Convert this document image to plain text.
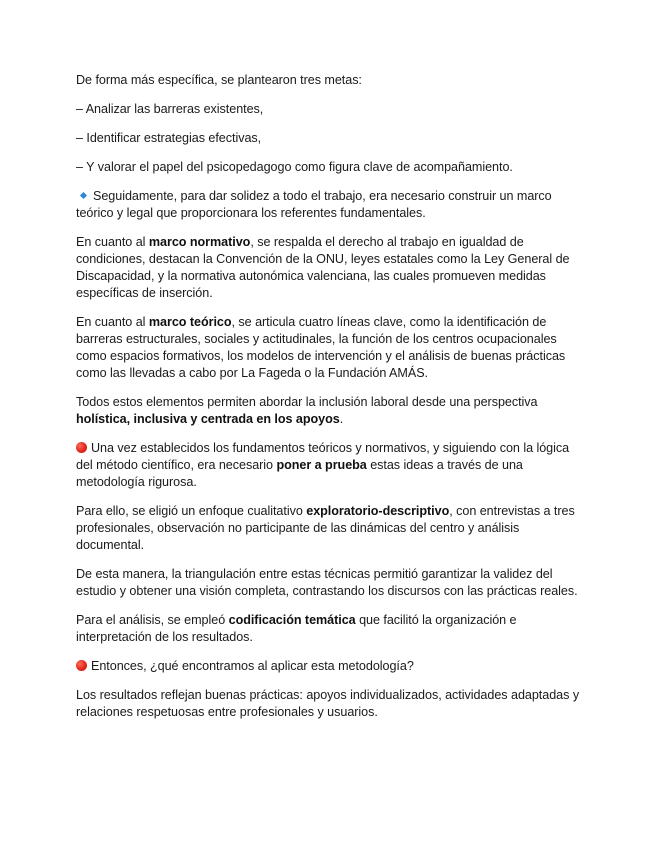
De forma más específica, se plantearon tres metas:

– Analizar las barreras existentes,

– Identificar estrategias efectivas,

– Y valorar el papel del psicopedagogo como figura clave de acompañamiento.

Seguidamente, para dar solidez a todo el trabajo, era necesario construir un marco teórico y legal que proporcionara los referentes fundamentales.

En cuanto al marco normativo, se respalda el derecho al trabajo en igualdad de condiciones, destacan la Convención de la ONU, leyes estatales como la Ley General de Discapacidad, y la normativa autonómica valenciana, las cuales promueven medidas específicas de inserción.

En cuanto al marco teórico, se articula cuatro líneas clave, como la identificación de barreras estructurales, sociales y actitudinales, la función de los centros ocupacionales como espacios formativos, los modelos de intervención y el análisis de buenas prácticas como las llevadas a cabo por La Fageda o la Fundación AMÁS.

Todos estos elementos permiten abordar la inclusión laboral desde una perspectiva holística, inclusiva y centrada en los apoyos.

Una vez establecidos los fundamentos teóricos y normativos, y siguiendo con la lógica del método científico, era necesario poner a prueba estas ideas a través de una metodología rigurosa.

Para ello, se eligió un enfoque cualitativo exploratorio-descriptivo, con entrevistas a tres profesionales, observación no participante de las dinámicas del centro y análisis documental.

De esta manera, la triangulación entre estas técnicas permitió garantizar la validez del estudio y obtener una visión completa, contrastando los discursos con las prácticas reales.

Para el análisis, se empleó codificación temática que facilitó la organización e interpretación de los resultados.

Entonces, ¿qué encontramos al aplicar esta metodología?

Los resultados reflejan buenas prácticas: apoyos individualizados, actividades adaptadas y relaciones respetuosas entre profesionales y usuarios.
